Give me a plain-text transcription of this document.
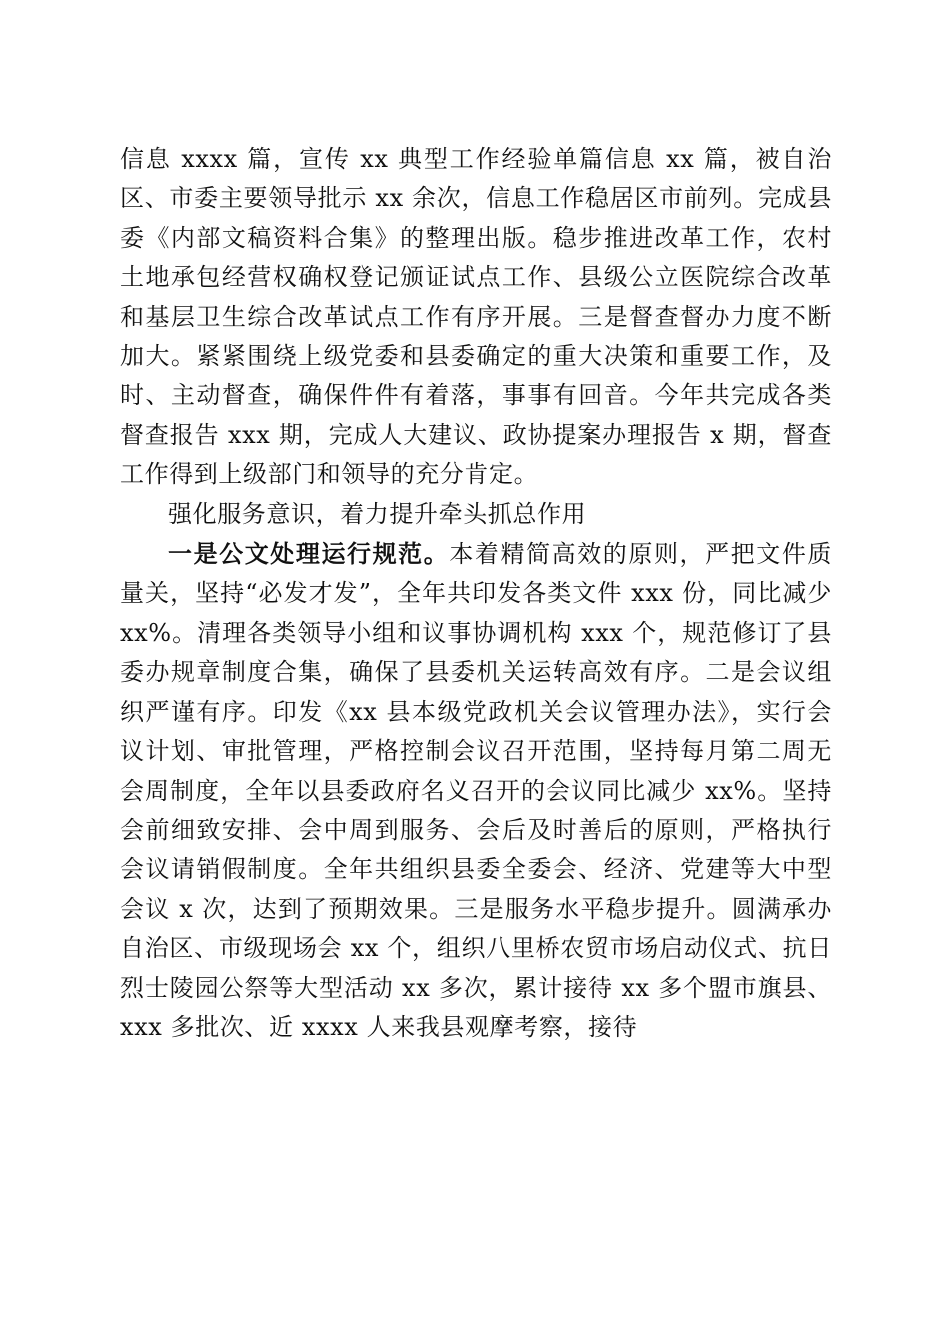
信息 xxxx 篇，宣传 xx 典型工作经验单篇信息 xx 篇，被自治区、市委主要领导批示 xx 余次，信息工作稳居区市前列。完成县委《内部文稿资料合集》的整理出版。稳步推进改革工作，农村土地承包经营权确权登记颁证试点工作、县级公立医院综合改革和基层卫生综合改革试点工作有序开展。三是督查督办力度不断加大。紧紧围绕上级党委和县委确定的重大决策和重要工作，及时、主动督查，确保件件有着落，事事有回音。今年共完成各类督查报告 xxx 期，完成人大建议、政协提案办理报告 x 期，督查工作得到上级部门和领导的充分肯定。

强化服务意识，着力提升牵头抓总作用

一是公文处理运行规范。本着精简高效的原则，严把文件质量关，坚持“必发才发”，全年共印发各类文件 xxx 份，同比减少 xx%。清理各类领导小组和议事协调机构 xxx 个，规范修订了县委办规章制度合集，确保了县委机关运转高效有序。二是会议组织严谨有序。印发《xx 县本级党政机关会议管理办法》，实行会议计划、审批管理，严格控制会议召开范围，坚持每月第二周无会周制度，全年以县委政府名义召开的会议同比减少 xx%。坚持会前细致安排、会中周到服务、会后及时善后的原则，严格执行会议请销假制度。全年共组织县委全委会、经济、党建等大中型会议 x 次，达到了预期效果。三是服务水平稳步提升。圆满承办自治区、市级现场会 xx 个，组织八里桥农贸市场启动仪式、抗日烈士陵园公祭等大型活动 xx 多次，累计接待 xx 多个盟市旗县、xxx 多批次、近 xxxx 人来我县观摩考察，接待
